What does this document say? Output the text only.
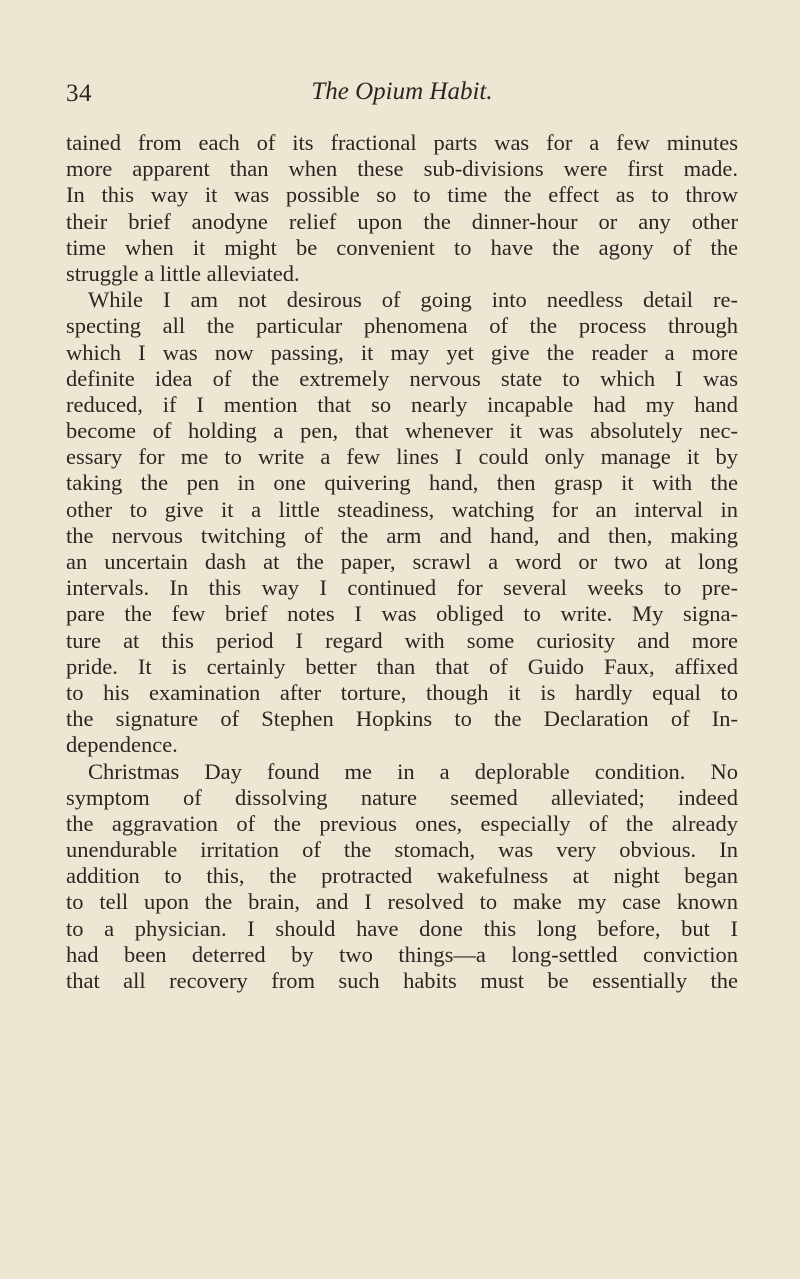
34	The Opium Habit.
tained from each of its fractional parts was for a few minutes
more apparent than when these sub-divisions were first made.
In this way it was possible so to time the effect as to throw
their brief anodyne relief upon the dinner-hour or any other
time when it might be convenient to have the agony of the
struggle a little alleviated.
While I am not desirous of going into needless detail re-
specting all the particular phenomena of the process through
which I was now passing, it may yet give the reader a more
definite idea of the extremely nervous state to which I was
reduced, if I mention that so nearly incapable had my hand
become of holding a pen, that whenever it was absolutely nec-
essary for me to write a few lines I could only manage it by
taking the pen in one quivering hand, then grasp it with the
other to give it a little steadiness, watching for an interval in
the nervous twitching of the arm and hand, and then, making
an uncertain dash at the paper, scrawl a word or two at long
intervals. In this way I continued for several weeks to pre-
pare the few brief notes I was obliged to write. My signa-
ture at this period I regard with some curiosity and more
pride. It is certainly better than that of Guido Faux, affixed
to his examination after torture, though it is hardly equal to
the signature of Stephen Hopkins to the Declaration of In-
dependence.
Christmas Day found me in a deplorable condition. No
symptom of dissolving nature seemed alleviated; indeed
the aggravation of the previous ones, especially of the already
unendurable irritation of the stomach, was very obvious. In
addition to this, the protracted wakefulness at night began
to tell upon the brain, and I resolved to make my case known
to a physician. I should have done this long before, but I
had been deterred by two things—a long-settled conviction
that all recovery from such habits must be essentially the
